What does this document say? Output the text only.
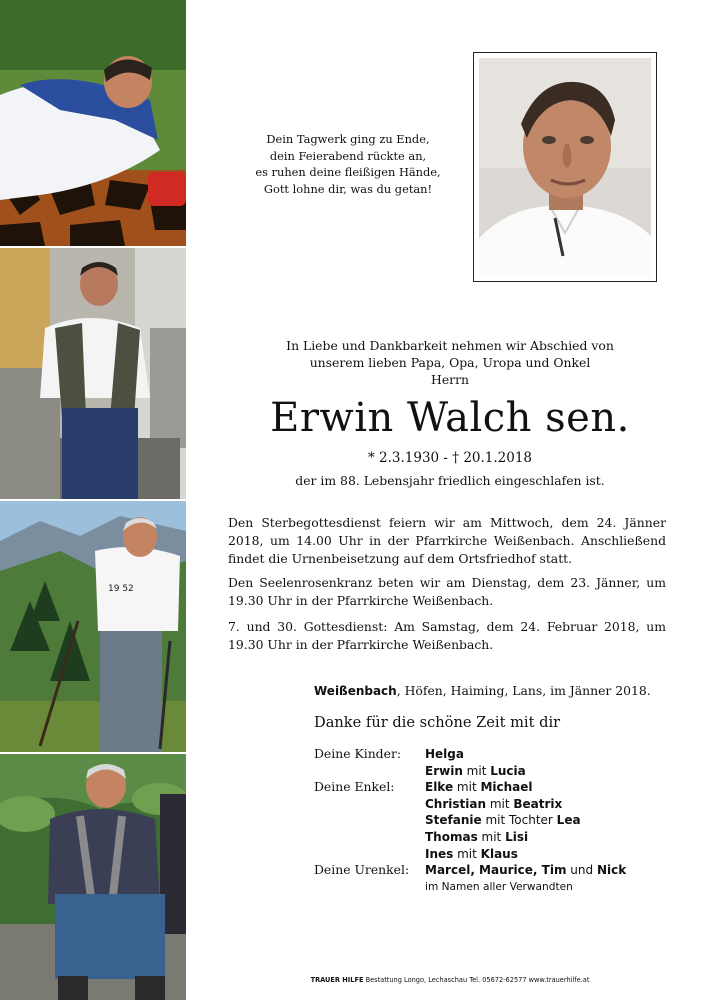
19 52
Dein Tagwerk ging zu Ende,
dein Feierabend rückte an,
es ruhen deine fleißigen Hände,
Gott lohne dir, was du getan!
In Liebe und Dankbarkeit nehmen wir Abschied von
unserem lieben Papa, Opa, Uropa und Onkel
Herrn
Erwin Walch sen.
* 2.3.1930 - † 20.1.2018
der im 88. Lebensjahr friedlich eingeschlafen ist.
Den Sterbegottesdienst feiern wir am Mittwoch, dem 24. Jänner 2018, um 14.00 Uhr in der Pfarrkirche Weißenbach. Anschließend findet die Urnenbeisetzung auf dem Ortsfriedhof statt.
Den Seelenrosenkranz beten wir am Dienstag, dem 23. Jänner, um 19.30 Uhr in der Pfarrkirche Weißenbach.
7. und 30. Gottesdienst: Am Samstag, dem 24. Februar 2018, um 19.30 Uhr in der Pfarrkirche Weißenbach.
Weißenbach, Höfen, Haiming, Lans, im Jänner 2018.
Danke für die schöne Zeit mit dir
Deine Kinder: Helga
Erwin mit Lucia
Deine Enkel:	Elke mit Michael
Christian mit Beatrix
Stefanie mit Tochter Lea
Thomas mit Lisi
Ines mit Klaus
Deine Urenkel: Marcel, Maurice, Tim und Nick
im Namen aller Verwandten
TRAUER HILFE Bestattung Longo, Lechaschau Tel. 05672-62577 www.trauerhilfe.at
